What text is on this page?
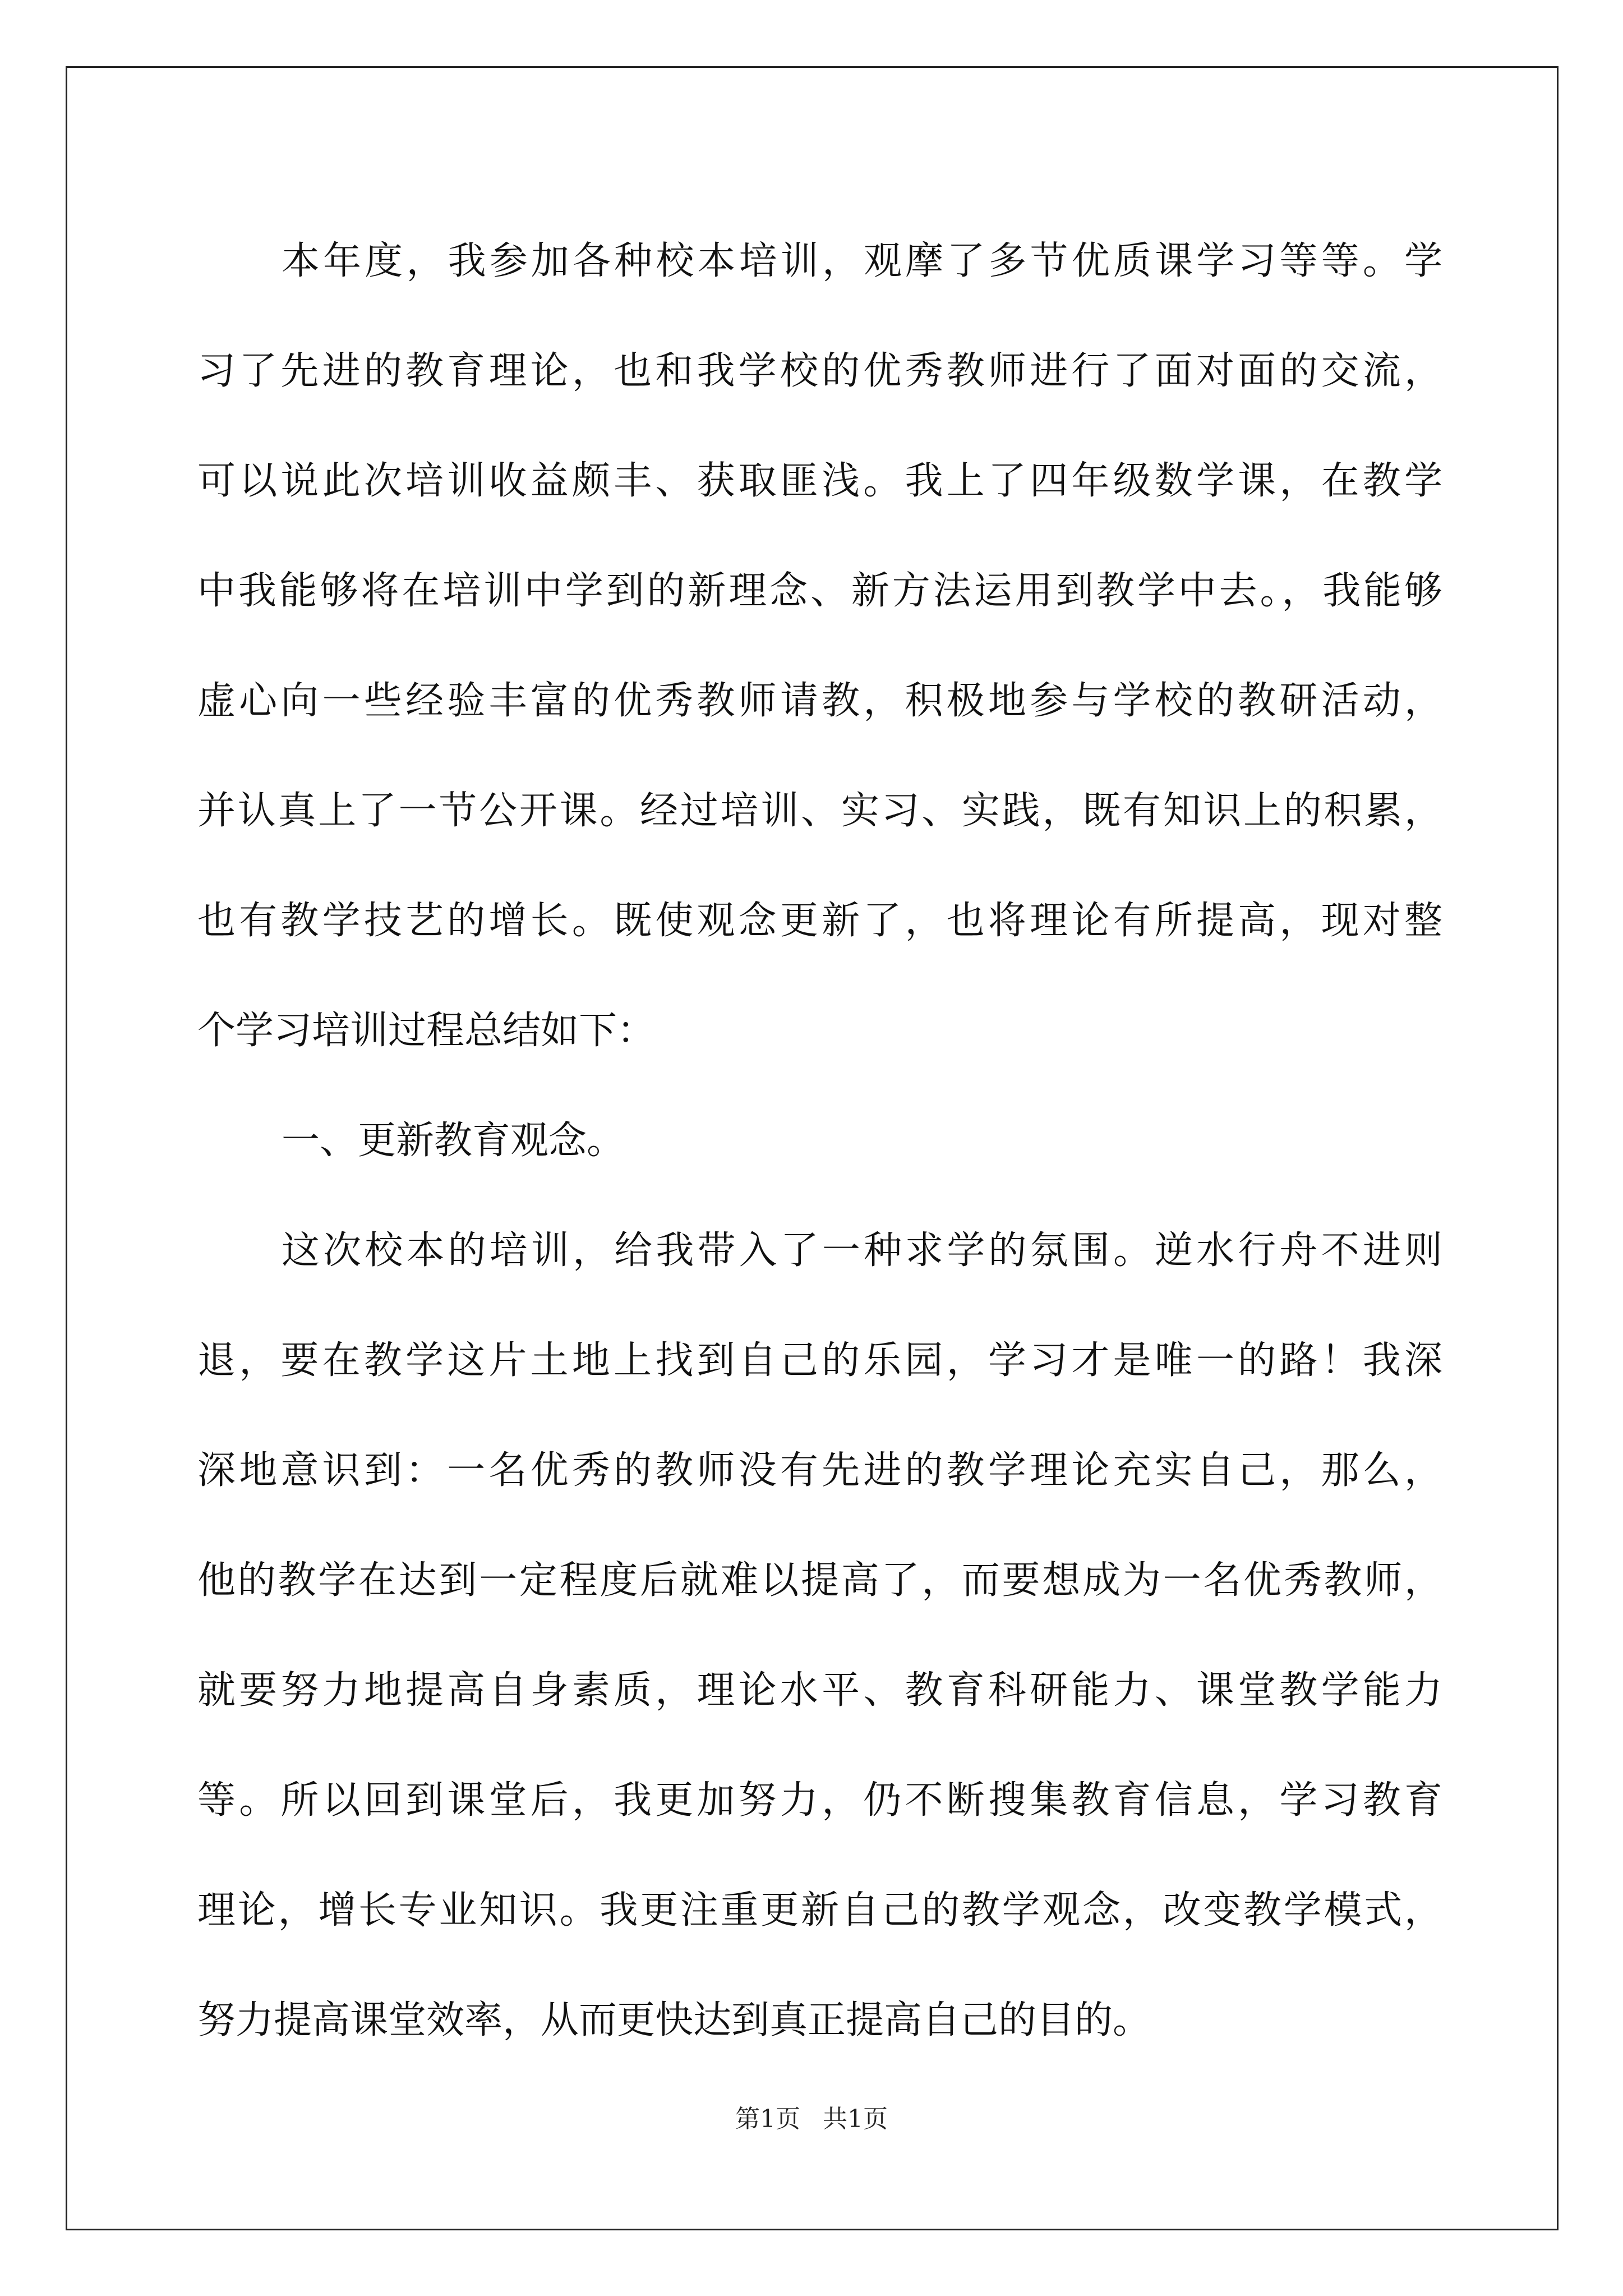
本年度，我参加各种校本培训，观摩了多节优质课学习等等。学
习了先进的教育理论，也和我学校的优秀教师进行了面对面的交流，
可以说此次培训收益颇丰、获取匪浅。我上了四年级数学课，在教学
中我能够将在培训中学到的新理念、新方法运用到教学中去。，我能够
虚心向一些经验丰富的优秀教师请教，积极地参与学校的教研活动，
并认真上了一节公开课。经过培训、实习、实践，既有知识上的积累，
也有教学技艺的增长。既使观念更新了，也将理论有所提高，现对整
个学习培训过程总结如下：
一、更新教育观念。
这次校本的培训，给我带入了一种求学的氛围。逆水行舟不进则
退，要在教学这片土地上找到自己的乐园，学习才是唯一的路！我深
深地意识到：一名优秀的教师没有先进的教学理论充实自己，那么，
他的教学在达到一定程度后就难以提高了，而要想成为一名优秀教师，
就要努力地提高自身素质，理论水平、教育科研能力、课堂教学能力
等。所以回到课堂后，我更加努力，仍不断搜集教育信息，学习教育
理论，增长专业知识。我更注重更新自己的教学观念，改变教学模式，
努力提高课堂效率，从而更快达到真正提高自己的目的。
第1页 共1页
